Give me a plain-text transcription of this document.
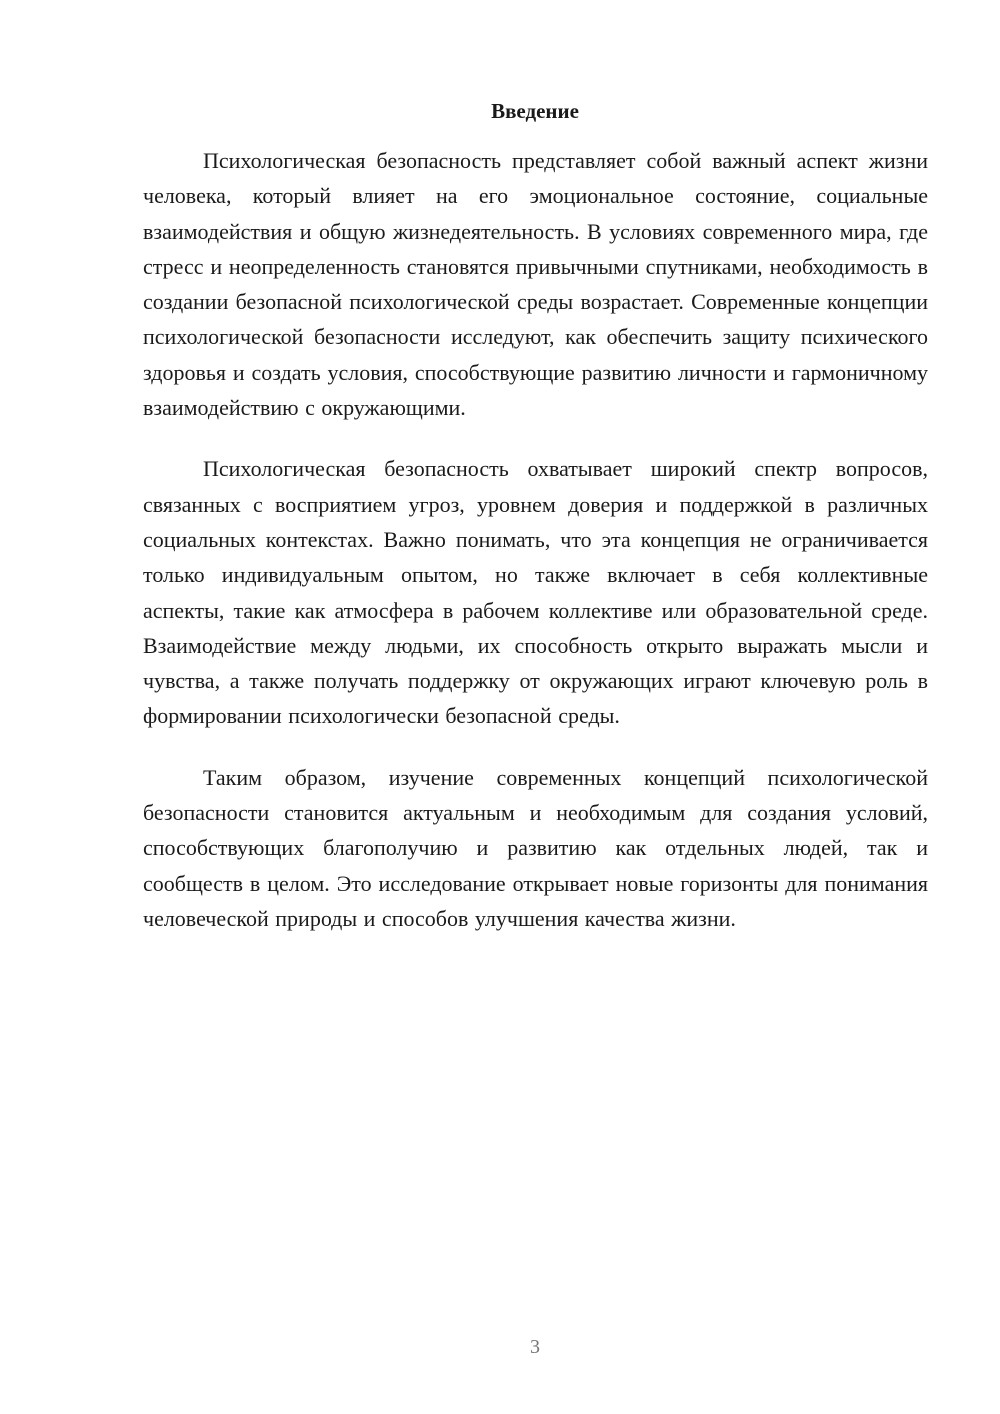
Введение

Психологическая безопасность представляет собой важный аспект жизни человека, который влияет на его эмоциональное состояние, социальные взаимодействия и общую жизнедеятельность. В условиях современного мира, где стресс и неопределенность становятся привычными спутниками, необходимость в создании безопасной психологической среды возрастает. Современные концепции психологической безопасности исследуют, как обеспечить защиту психического здоровья и создать условия, способствующие развитию личности и гармоничному взаимодействию с окружающими.

Психологическая безопасность охватывает широкий спектр вопросов, связанных с восприятием угроз, уровнем доверия и поддержкой в различных социальных контекстах. Важно понимать, что эта концепция не ограничивается только индивидуальным опытом, но также включает в себя коллективные аспекты, такие как атмосфера в рабочем коллективе или образовательной среде. Взаимодействие между людьми, их способность открыто выражать мысли и чувства, а также получать поддержку от окружающих играют ключевую роль в формировании психологически безопасной среды.

Таким образом, изучение современных концепций психологической безопасности становится актуальным и необходимым для создания условий, способствующих благополучию и развитию как отдельных людей, так и сообществ в целом. Это исследование открывает новые горизонты для понимания человеческой природы и способов улучшения качества жизни.

3
